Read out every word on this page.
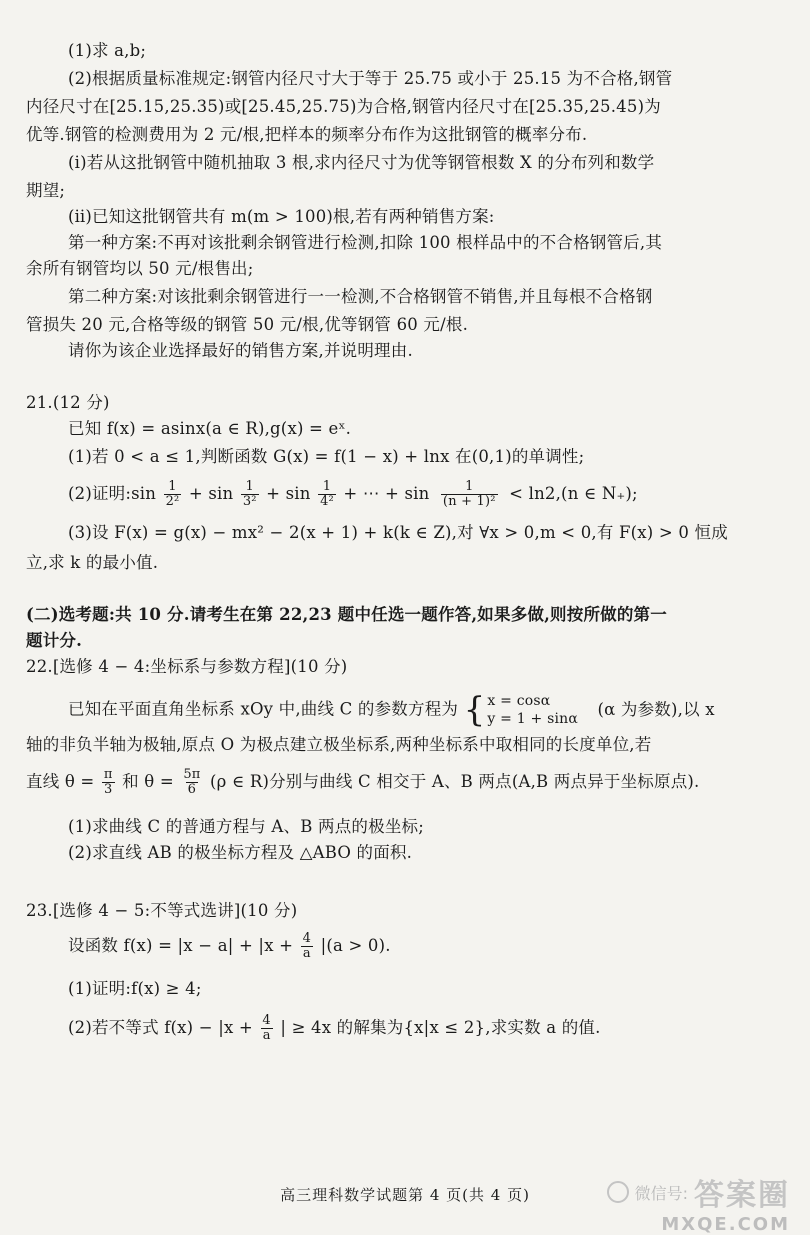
(1)求 a,b;
(2)根据质量标准规定:钢管内径尺寸大于等于 25.75 或小于 25.15 为不合格,钢管
内径尺寸在[25.15,25.35)或[25.45,25.75)为合格,钢管内径尺寸在[25.35,25.45)为
优等.钢管的检测费用为 2 元/根,把样本的频率分布作为这批钢管的概率分布.
(ⅰ)若从这批钢管中随机抽取 3 根,求内径尺寸为优等钢管根数 X 的分布列和数学
期望;
(ⅱ)已知这批钢管共有 m(m > 100)根,若有两种销售方案:
第一种方案:不再对该批剩余钢管进行检测,扣除 100 根样品中的不合格钢管后,其
余所有钢管均以 50 元/根售出;
第二种方案:对该批剩余钢管进行一一检测,不合格钢管不销售,并且每根不合格钢
管损失 20 元,合格等级的钢管 50 元/根,优等钢管 60 元/根.
请你为该企业选择最好的销售方案,并说明理由.
21.(12 分)
已知 f(x) = asinx(a ∈ R),g(x) = eˣ.
(1)若 0 < a ≤ 1,判断函数 G(x) = f(1 − x) + lnx 在(0,1)的单调性;
(2)证明:sin $\frac{1}{\text{2²}} + \sin \frac{1}{\text{3²}} + \sin \frac{1}{\text{4²}}$ + ⋯ + $\sin \frac{1}{\text{(n + 1)²}} < \ln 2,(n$ ∈ N₊);
(3)设 F(x) = g(x) − mx² − 2(x + 1) + k(k ∈ Z),对 ∀x > 0,m < 0,有 F(x) > 0 恒成
立,求 k 的最小值.
(二)选考题:共 10 分.请考生在第 22,23 题中任选一题作答,如果多做,则按所做的第一
题计分.
22.[选修 4 − 4:坐标系与参数方程](10 分)
已知在平面直角坐标系 xOy 中,曲线 C 的参数方程为 { x = cosα
y = 1 + sinα
(α 为参数),以 x
轴的非负半轴为极轴,原点 O 为极点建立极坐标系,两种坐标系中取相同的长度单位,若
直线 $\theta = \frac{\pi}{3}$ 和 $\theta = \frac{5\pi}{6} (\rho$ ∈ R)分别与曲线 C 相交于 A、B 两点(A,B 两点异于坐标原点).
(1)求曲线 C 的普通方程与 A、B 两点的极坐标;
(2)求直线 AB 的极坐标方程及 △ABO 的面积.
23.[选修 4 − 5:不等式选讲](10 分)
设函数 $f(x) = |x - a| + |x + \frac{4}{a} |(a > 0)$.
(1)证明:f(x) ≥ 4;
(2)若不等式 $f(x) - |x + \frac{4}{a}$ | ≥ 4x 的解集为{x|x ≤ 2},求实数 a 的值.
高三理科数学试题第 4 页(共 4 页)	微信号: 答案圈
MXQE.COM
